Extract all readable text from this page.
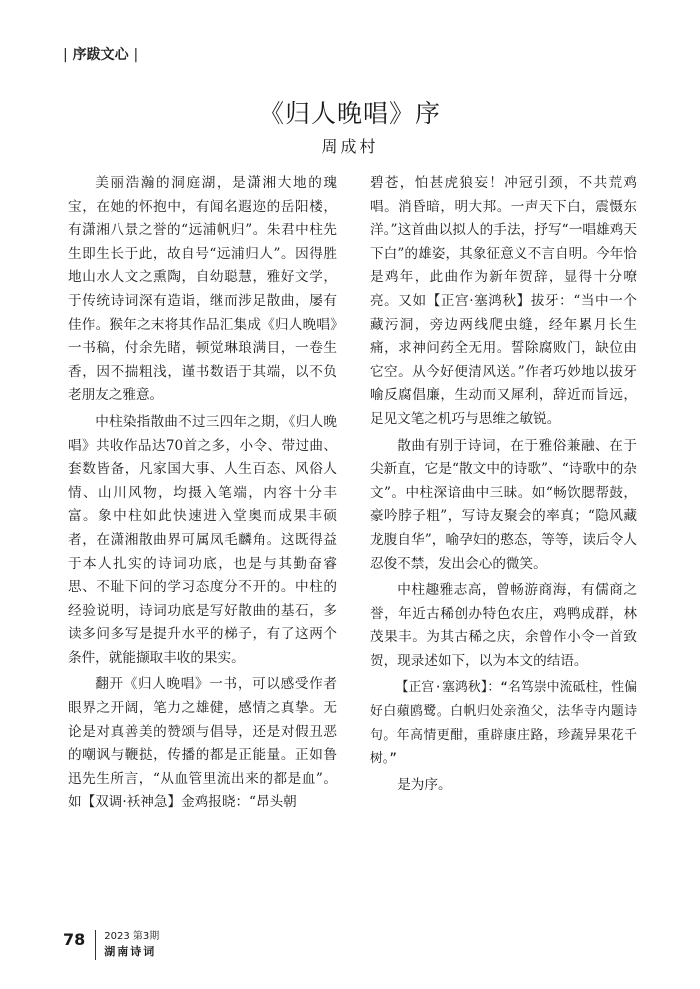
| 序跋文心 |
《归人晚唱》序
周成村

美丽浩瀚的洞庭湖，是潇湘大地的瑰宝，在她的怀抱中，有闻名遐迩的岳阳楼，有潇湘八景之誉的“远浦帆归”。朱君中柱先生即生长于此，故自号“远浦归人”。因得胜地山水人文之熏陶，自幼聪慧，雅好文学，于传统诗词深有造诣，继而涉足散曲，屡有佳作。猴年之末将其作品汇集成《归人晚唱》一书稿，付余先睹，顿觉琳琅满目，一卷生香，因不揣粗浅，谨书数语于其端，以不负老朋友之雅意。

中柱染指散曲不过三四年之期，《归人晚唱》共收作品达70首之多，小令、带过曲、套数皆备，凡家国大事、人生百态、风俗人情、山川风物，均摄入笔端，内容十分丰富。象中柱如此快速进入堂奥而成果丰硕者，在潇湘散曲界可属凤毛麟角。这既得益于本人扎实的诗词功底，也是与其勤奋睿思、不耻下问的学习态度分不开的。中柱的经验说明，诗词功底是写好散曲的基石，多读多问多写是提升水平的梯子，有了这两个条件，就能撷取丰收的果实。

翻开《归人晚唱》一书，可以感受作者眼界之开阔，笔力之雄健，感情之真挚。无论是对真善美的赞颂与倡导，还是对假丑恶的嘲讽与鞭挞，传播的都是正能量。正如鲁迅先生所言，“从血管里流出来的都是血”。如【双调·袄神急】金鸡报晓：“昂头朝

碧苍，怕甚虎狼妄！冲冠引颈，不共荒鸡唱。消昏暗，明大邦。一声天下白，震慑东洋。”这首曲以拟人的手法，抒写“一唱雄鸡天下白”的雄姿，其象征意义不言自明。今年恰是鸡年，此曲作为新年贺辞，显得十分嘹亮。又如【正宫·塞鸿秋】拔牙：“当中一个藏污洞，旁边两线爬虫缝，经年累月长生痛，求神问药全无用。誓除腐败门，缺位由它空。从今好便清风送。”作者巧妙地以拔牙喻反腐倡廉，生动而又犀利，辞近而旨远，足见文笔之机巧与思维之敏锐。

散曲有别于诗词，在于雅俗兼融、在于尖新直，它是“散文中的诗歌”、“诗歌中的杂文”。中柱深谙曲中三昧。如“畅饮腮帮鼓，豪吟脖子粗”，写诗友聚会的率真；“隐风藏龙腹自华”，喻孕妇的憨态，等等，读后令人忍俊不禁，发出会心的微笑。

中柱趣雅志高，曾畅游商海，有儒商之誉，年近古稀创办特色农庄，鸡鸭成群，林茂果丰。为其古稀之庆，余曾作小令一首致贺，现录述如下，以为本文的结语。

【正宫·塞鸿秋】：“名笃崇中流砥柱，性偏好白蘋鸥鹭。白帆归处亲渔父，法华寺内题诗句。年高情更酣，重辟康庄路，珍蔬异果花千树。”

是为序。

78 2023 第3期
湖南诗词
